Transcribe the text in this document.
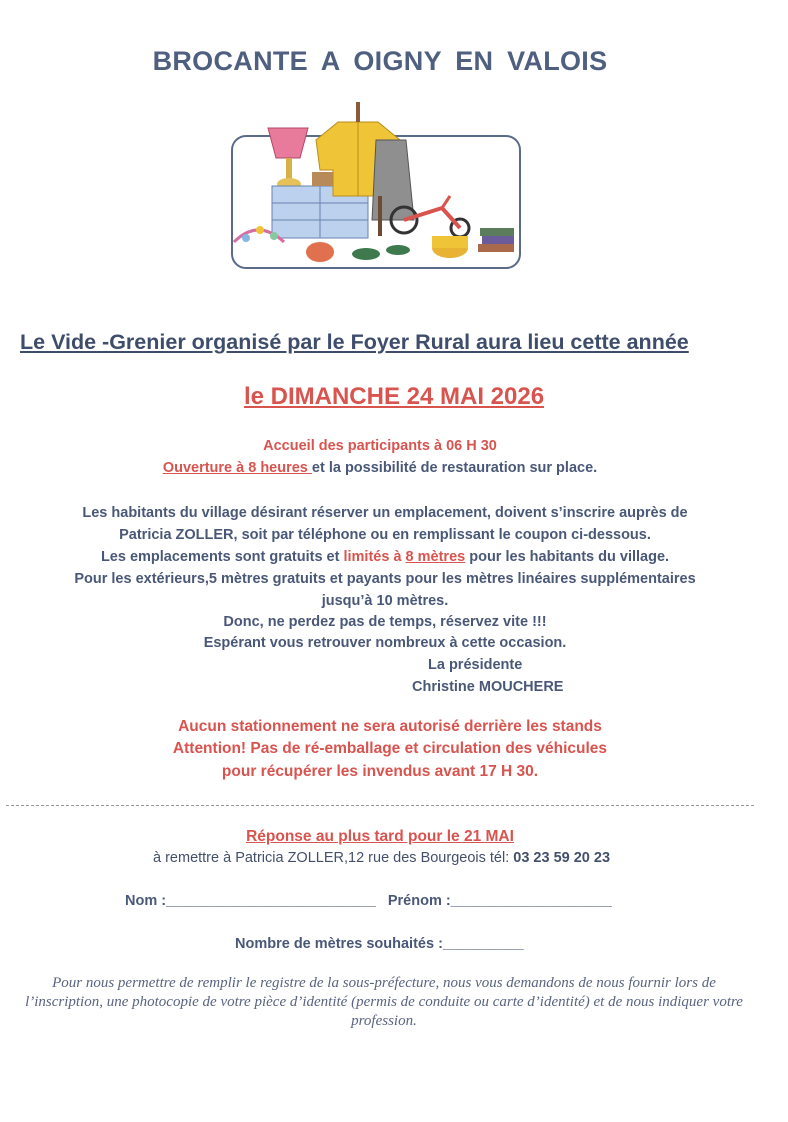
BROCANTE A OIGNY EN VALOIS
Le Vide -Grenier organisé par le Foyer Rural aura lieu cette année
le DIMANCHE 24 MAI 2026
Accueil des participants à 06 H 30
Ouverture à 8 heures et la possibilité de restauration sur place.
Les habitants du village désirant réserver un emplacement, doivent s’inscrire auprès de
Patricia ZOLLER, soit par téléphone ou en remplissant le coupon ci-dessous.
Les emplacements sont gratuits et limités à 8 mètres pour les habitants du village.
Pour les extérieurs,5 mètres gratuits et payants pour les mètres linéaires supplémentaires
jusqu’à 10 mètres.
Donc, ne perdez pas de temps, réservez vite !!!
Espérant vous retrouver nombreux à cette occasion.
La présidente
Christine MOUCHERE
Aucun stationnement ne sera autorisé derrière les stands
Attention! Pas de ré-emballage et circulation des véhicules
pour récupérer les invendus avant 17 H 30.
Réponse au plus tard pour le 21 MAI
à remettre à Patricia ZOLLER,12 rue des Bourgeois tél: 03 23 59 20 23
Nom :__________________________ Prénom :____________________
Nombre de mètres souhaités :__________
Pour nous permettre de remplir le registre de la sous-préfecture, nous vous demandons de nous fournir lors de l’inscription, une photocopie de votre pièce d’identité (permis de conduite ou carte d’identité) et de nous indiquer votre profession.
